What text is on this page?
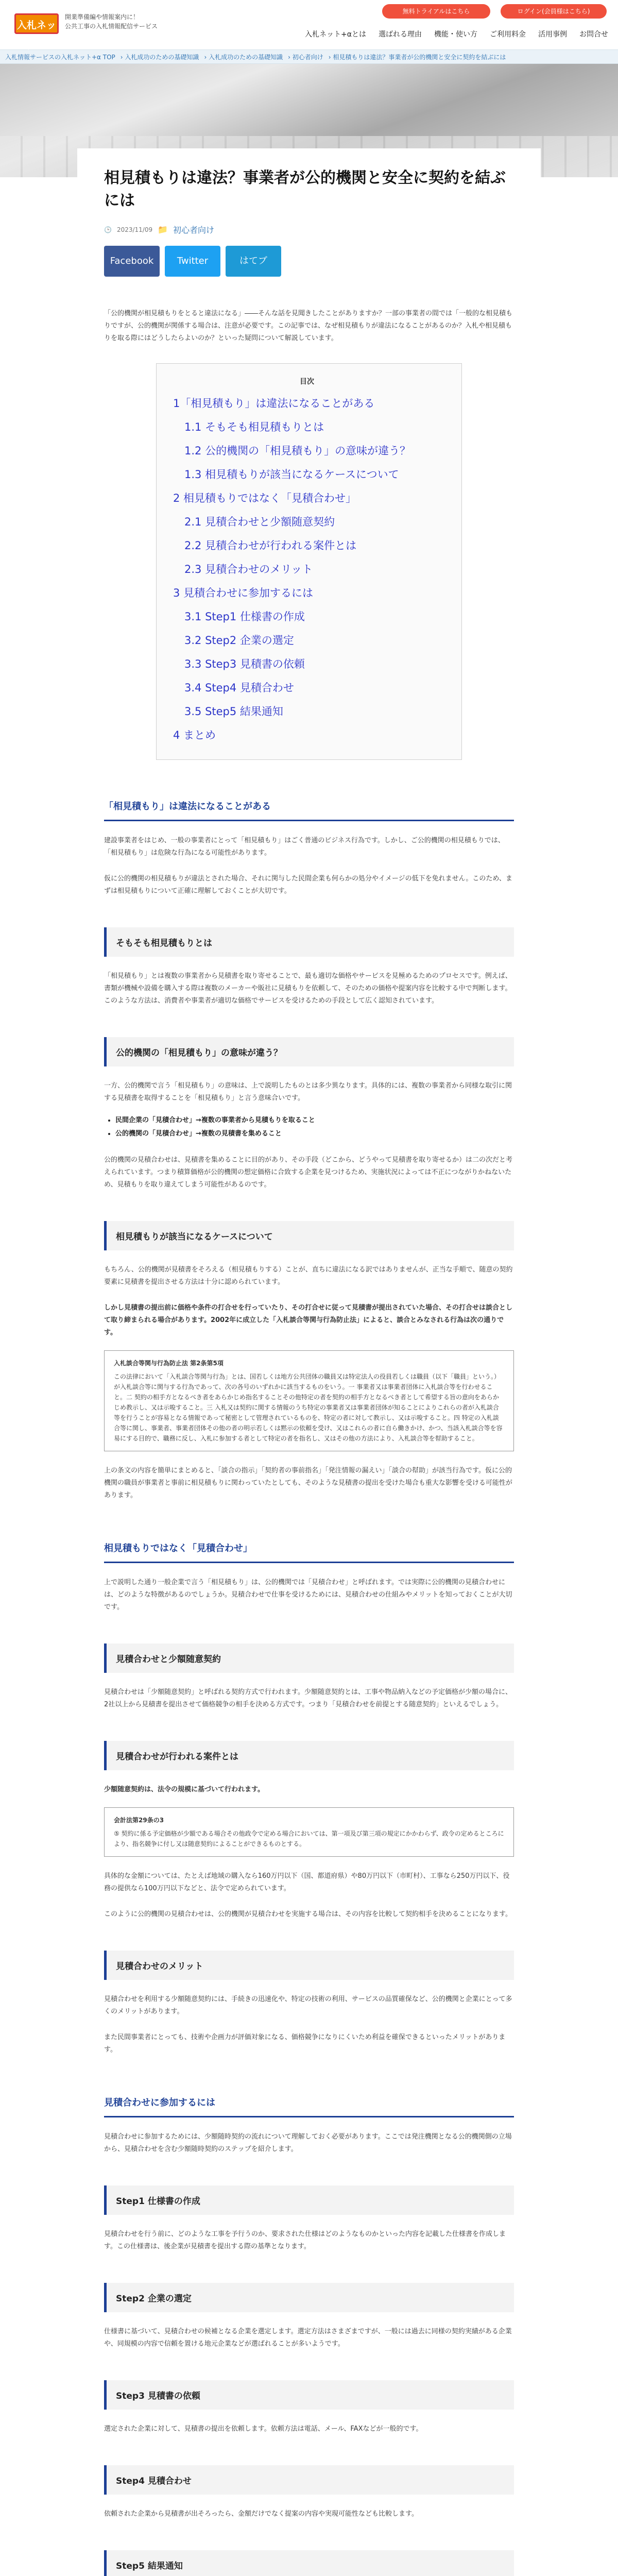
入札ネット+α
開業準備編や情報案内に！
公共工事の入札情報配信サービス
無料トライアルはこちら	ログイン(会員様はこちら)
入札ネット+αとは 選ばれる理由 機能・使い方 ご利用料金 活用事例 お問合せ
入札情報サービスの入札ネット+α TOP › 入札成功のための基礎知識 › 入札成功のための基礎知識 › 初心者向け › 相見積もりは違法？事業者が公的機関と安全に契約を結ぶには
相見積もりは違法？事業者が公的機関と安全に契約を結ぶには
🕒 2023/11/09 📁 初心者向け
Facebook	Twitter	はてブ

「公的機関が相見積もりをとると違法になる」――そんな話を見聞きしたことがありますか？一部の事業者の間では「一般的な相見積もりですが、公的機関が関係する場合は、注意が必要です。この記事では、なぜ相見積もりが違法になることがあるのか？入札や相見積もりを取る際にはどうしたらよいのか？といった疑問について解説しています。

目次
1「相見積もり」は違法になることがある
1.1 そもそも相見積もりとは
1.2 公的機関の「相見積もり」の意味が違う？
1.3 相見積もりが該当になるケースについて
2 相見積もりではなく「見積合わせ」
2.1 見積合わせと少額随意契約
2.2 見積合わせが行われる案件とは
2.3 見積合わせのメリット
3 見積合わせに参加するには
3.1 Step1 仕様書の作成
3.2 Step2 企業の選定
3.3 Step3 見積書の依頼
3.4 Step4 見積合わせ
3.5 Step5 結果通知
4 まとめ
「相見積もり」は違法になることがある

建設事業者をはじめ、一般の事業者にとって「相見積もり」はごく普通のビジネス行為です。しかし、ご公的機関の相見積もりでは、「相見積もり」は危険な行為になる可能性があります。

仮に公的機関の相見積もりが違法とされた場合、それに関与した民間企業も何らかの処分やイメージの低下を免れません。このため、まずは相見積もりについて正確に理解しておくことが大切です。

そもそも相見積もりとは

「相見積もり」とは複数の事業者から見積書を取り寄せることで、最も適切な価格やサービスを見極めるためのプロセスです。例えば、書類が機械や設備を購入する際は複数のメーカーや販社に見積もりを依頼して、そのための価格や提案内容を比較する中で判断します。このような方法は、消費者や事業者が適切な価格でサービスを受けるための手段として広く認知されています。

公的機関の「相見積もり」の意味が違う？

一方、公的機関で言う「相見積もり」の意味は、上で説明したものとは多少異なります。具体的には、複数の事業者から同様な取引に関する見積書を取得することを「相見積もり」と言う意味合いです。

• 民間企業の「見積合わせ」→複数の事業者から見積もりを取ること
• 公的機関の「見積合わせ」→複数の見積書を集めること

公的機関の見積合わせは、見積書を集めることに目的があり、その手段（どこから、どうやって見積書を取り寄せるか）は二の次だと考えられています。つまり積算価格が公的機関の想定価格に合致する企業を見つけるため、実施状況によっては不正につながりかねないため、見積もりを取り違えてしまう可能性があるのです。

相見積もりが該当になるケースについて

もちろん、公的機関が見積書をそろえる（相見積もりする）ことが、直ちに違法になる訳ではありませんが、正当な手順で、随意の契約要素に見積書を提出させる方法は十分に認められています。

しかし見積書の提出前に価格や条件の打合せを行っていたり、その打合せに従って見積書が提出されていた場合、その打合せは談合として取り締まられる場合があります。2002年に成立した「入札談合等関与行為防止法」によると、談合とみなされる行為は次の通りです。

入札談合等関与行為防止法 第2条第5項
この法律において「入札談合等関与行為」とは、国若しくは地方公共団体の職員又は特定法人の役員若しくは職員（以下「職員」という。）が入札談合等に関与する行為であって、次の各号のいずれかに該当するものをいう。一 事業者又は事業者団体に入札談合等を行わせること。二 契約の相手方となるべき者をあらかじめ指名することその他特定の者を契約の相手方となるべき者として希望する旨の意向をあらかじめ教示し、又は示唆すること。三 入札又は契約に関する情報のうち特定の事業者又は事業者団体が知ることによりこれらの者が入札談合等を行うことが容易となる情報であって秘密として管理されているものを、特定の者に対して教示し、又は示唆すること。四 特定の入札談合等に関し、事業者、事業者団体その他の者の明示若しくは黙示の依頼を受け、又はこれらの者に自ら働きかけ、かつ、当該入札談合等を容易にする目的で、職務に反し、入札に参加する者として特定の者を指名し、又はその他の方法により、入札談合等を幇助すること。

上の条文の内容を簡単にまとめると、「談合の指示」「契約者の事前指名」「発注情報の漏えい」「談合の幇助」が該当行為です。仮に公的機関の職員が事業者と事前に相見積もりに関わっていたとしても、そのような見積書の提出を受けた場合も重大な影響を受ける可能性があります。

相見積もりではなく「見積合わせ」

上で説明した通り一般企業で言う「相見積もり」は、公的機関では「見積合わせ」と呼ばれます。では実際に公的機関の見積合わせには、どのような特徴があるのでしょうか。見積合わせで仕事を受けるためには、見積合わせの仕組みやメリットを知っておくことが大切です。

見積合わせと少額随意契約

見積合わせは「少額随意契約」と呼ばれる契約方式で行われます。少額随意契約とは、工事や物品納入などの予定価格が少額の場合に、2社以上から見積書を提出させて価格競争の相手を決める方式です。つまり「見積合わせを前提とする随意契約」といえるでしょう。

見積合わせが行われる案件とは

少額随意契約は、法令の規模に基づいて行われます。

会計法第29条の3
⑤ 契約に係る予定価格が少額である場合その他政令で定める場合においては、第一項及び第三項の規定にかかわらず、政令の定めるところにより、指名競争に付し又は随意契約によることができるものとする。

具体的な金額については、たとえば地域の購入なら160万円以下（国、都道府県）や80万円以下（市町村）、工事なら250万円以下、役務の提供なら100万円以下などと、法令で定められています。

このように公的機関の見積合わせは、公的機関が見積合わせを実施する場合は、その内容を比較して契約相手を決めることになります。

見積合わせのメリット

見積合わせを利用する少額随意契約には、手続きの迅速化や、特定の技術の利用、サービスの品質確保など、公的機関と企業にとって多くのメリットがあります。

また民間事業者にとっても、技術や企画力が評価対象になる、価格競争になりにくいため利益を確保できるといったメリットがあります。

見積合わせに参加するには

見積合わせに参加するためには、少額随時契約の流れについて理解しておく必要があります。ここでは発注機関となる公的機関側の立場から、見積合わせを含む少額随時契約のステップを紹介します。

Step1 仕様書の作成

見積合わせを行う前に、どのような工事を予行うのか、要求された仕様はどのようなものかといった内容を記載した仕様書を作成します。この仕様書は、後企業が見積書を提出する際の基準となります。

Step2 企業の選定

仕様書に基づいて、見積合わせの候補となる企業を選定します。選定方法はさまざまですが、一般には過去に同様の契約実績がある企業や、同規模の内容で信頼を置ける地元企業などが選ばれることが多いようです。

Step3 見積書の依頼

選定された企業に対して、見積書の提出を依頼します。依頼方法は電話、メール、FAXなどが一般的です。

Step4 見積合わせ

依頼された企業から見積書が出そろったら、金額だけでなく提案の内容や実現可能性なども比較します。

Step5 結果通知
